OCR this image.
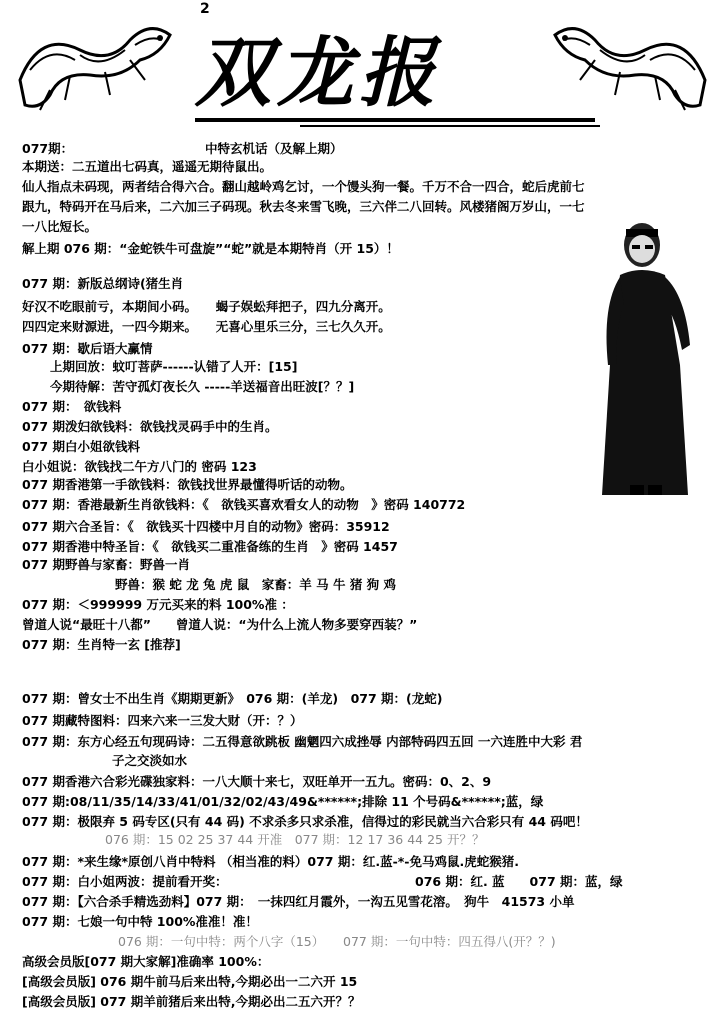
2
双龙报
077期：	中特玄机话（及解上期）
本期送：二五道出七码真，遥遥无期待鼠出。
仙人指点未码现，两者结合得六合。翻山越岭鸡乞讨，一个馒头狗一餐。千万不合一四合，蛇后虎前七
跟九，特码开在马后来，二六加三子码现。秋去冬来雪飞晚，三六伴二八回转。风楼猪阁万岁山，一七
一八比短长。
解上期 076 期：“金蛇铁牛可盘旋”“蛇”就是本期特肖（开 15）！
077 期：新版总纲诗(猪生肖
好汉不吃眼前亏，本期间小码。　　蝎子娱蚣拜把子，四九分离开。
四四定来财源进，一四今期来。　　无喜心里乐三分，三七久久开。
077 期：歇后语大赢情
上期回放：蚊叮菩萨------认错了人开：[15]
今期待解：苦守孤灯夜长久 -----羊送福音出旺波[？？]
077 期：　欲钱料
077 期泼妇欲钱料：欲钱找灵码手中的生肖。
077 期白小姐欲钱料
白小姐说：欲钱找二午方八门的 密码 123
077 期香港第一手欲钱料：欲钱找世界最懂得听话的动物。
077 期：香港最新生肖欲钱料：《　欲钱买喜欢看女人的动物　》密码 140772
077 期六合圣旨：《　欲钱买十四楼中月自的动物》密码：35912
077 期香港中特圣旨：《　欲钱买二重准备练的生肖　》密码 1457
077 期野兽与家畜：野兽一肖
野兽：猴 蛇 龙 兔 虎 鼠　家畜：羊 马 牛 猪 狗 鸡
077 期：＜999999 万元买来的料 100%准 ：
曾道人说“最旺十八都”　　曾道人说：“为什么上流人物多要穿西装？”
077 期：生肖特一玄 [推荐]
077 期：曾女士不出生肖《期期更新》　076 期：(羊龙)　077 期：(龙蛇)
077 期藏特图料：四来六来一三发大财（开：？）
077 期：东方心经五句现码诗：二五得意欲跳板 幽魍四六成挫辱 内部特码四五回 一六连胜中大彩 君
子之交淡如水
077 期香港六合彩光碟独家料：一八大顺十来七，双旺单开一五九。密码：0、2、9
077 期:08/11/35/14/33/41/01/32/02/43/49&******;排除 11 个号码&******;蓝，绿
077 期：极限弃 5 码专区(只有 44 码) 不求杀多只求杀准，信得过的彩民就当六合彩只有 44 码吧！
076 期：15 02 25 37 44 开准　077 期：12 17 36 44 25 开？？
077 期：*来生缘*原创八肖中特料 （相当准的料）077 期：红.蓝-*-免马鸡鼠.虎蛇猴猪.
077 期：白小姐两波：提前看开奖：	076 期：红. 蓝　　077 期：蓝，绿
077 期：【六合杀手精选劲料】077 期：　一抹四红月霞外，一沟五见雪花溶。　狗牛　41573 小单
077 期：七娘一句中特 100%准准！准！
076 期：一句中特：两个八字（15）　　077 期：一句中特：四五得八(开？？)
高级会员版[077 期大家解]准确率 100%：
[高级会员版] 076 期牛前马后来出特,今期必出一二六开 15
[高级会员版] 077 期羊前猪后来出特,今期必出二五六开？？
